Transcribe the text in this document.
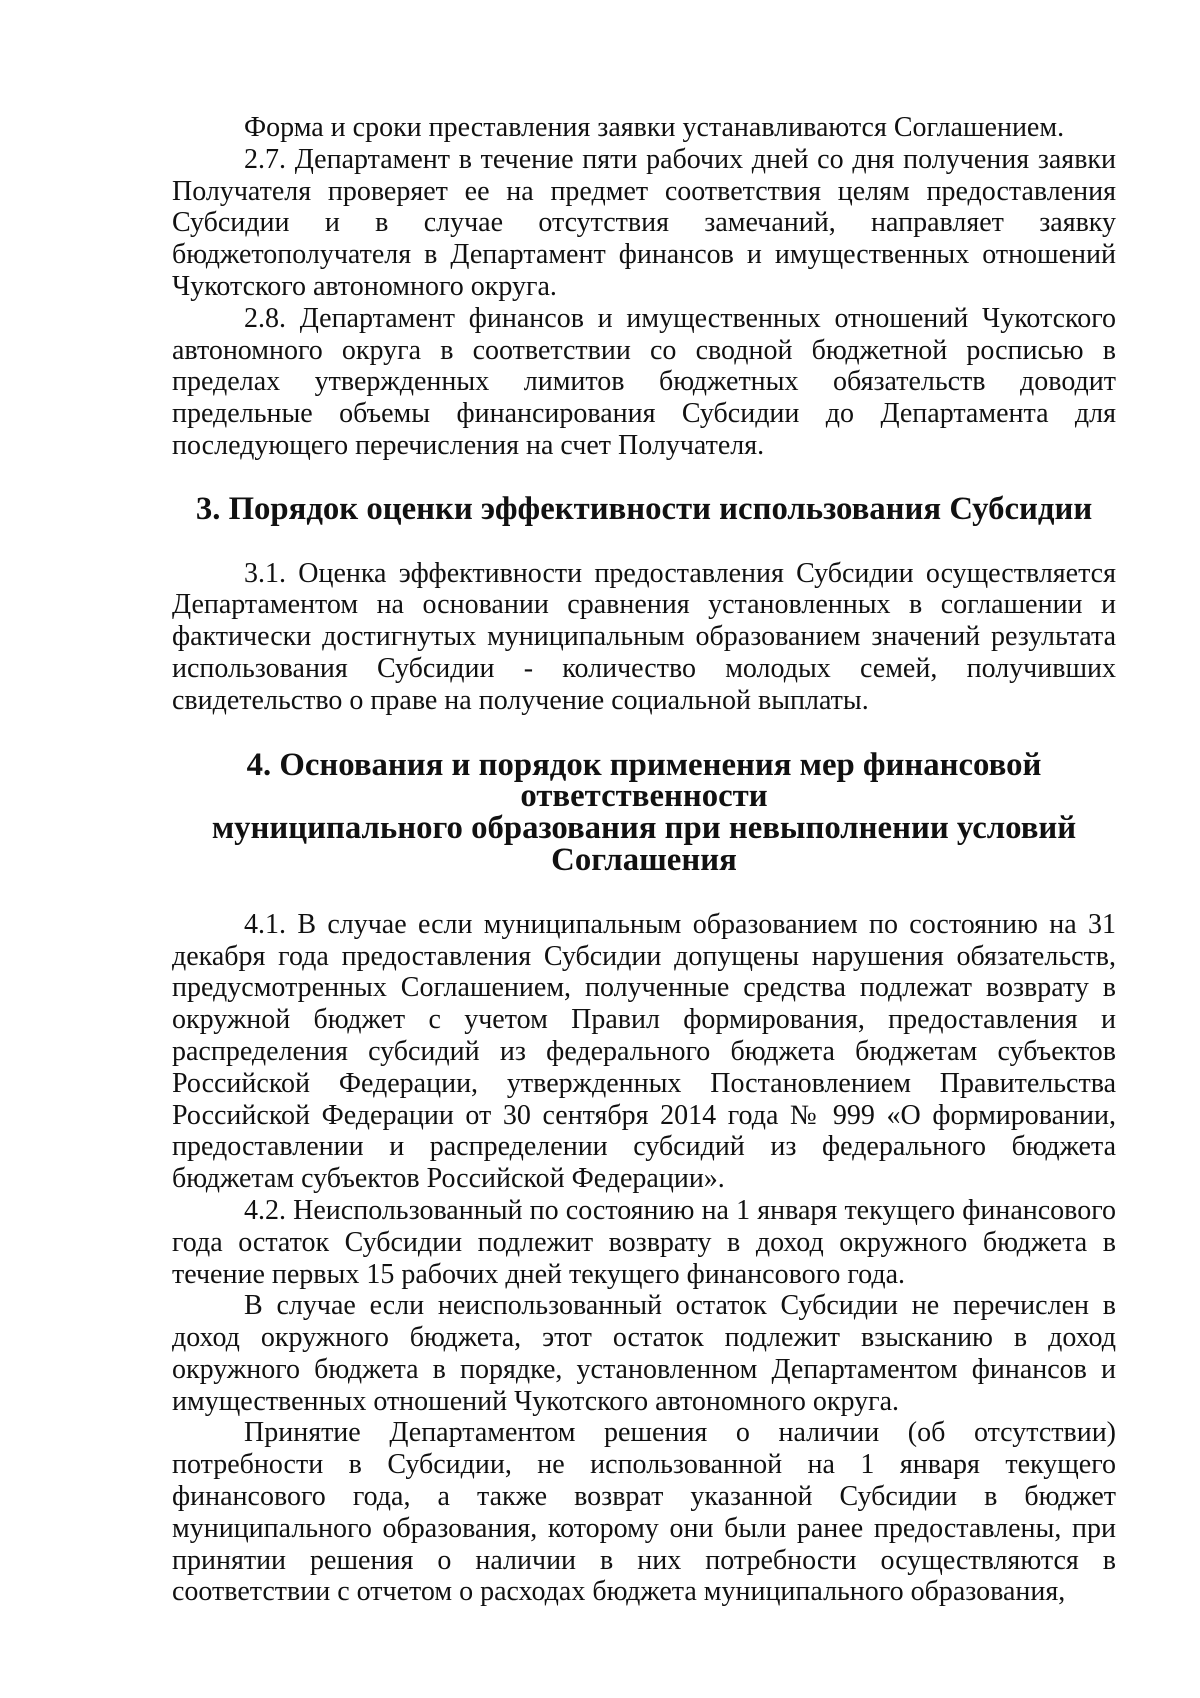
Форма и сроки преставления заявки устанавливаются Соглашением.

2.7. Департамент в течение пяти рабочих дней со дня получения заявки Получателя проверяет ее на предмет соответствия целям предоставления Субсидии и в случае отсутствия замечаний, направляет заявку бюджетополучателя в Департамент финансов и имущественных отношений Чукотского автономного округа.

2.8. Департамент финансов и имущественных отношений Чукотского автономного округа в соответствии со сводной бюджетной росписью в пределах утвержденных лимитов бюджетных обязательств доводит предельные объемы финансирования Субсидии до Департамента для последующего перечисления на счет Получателя.

3. Порядок оценки эффективности использования Субсидии

3.1. Оценка эффективности предоставления Субсидии осуществляется Департаментом на основании сравнения установленных в соглашении и фактически достигнутых муниципальным образованием значений результата использования Субсидии - количество молодых семей, получивших свидетельство о праве на получение социальной выплаты.

4. Основания и порядок применения мер финансовой ответственности
муниципального образования при невыполнении условий Соглашения

4.1. В случае если муниципальным образованием по состоянию на 31 декабря года предоставления Субсидии допущены нарушения обязательств, предусмотренных Соглашением, полученные средства подлежат возврату в окружной бюджет с учетом Правил формирования, предоставления и распределения субсидий из федерального бюджета бюджетам субъектов Российской Федерации, утвержденных Постановлением Правительства Российской Федерации от 30 сентября 2014 года № 999 «О формировании, предоставлении и распределении субсидий из федерального бюджета бюджетам субъектов Российской Федерации».

4.2. Неиспользованный по состоянию на 1 января текущего финансового года остаток Субсидии подлежит возврату в доход окружного бюджета в течение первых 15 рабочих дней текущего финансового года.

В случае если неиспользованный остаток Субсидии не перечислен в доход окружного бюджета, этот остаток подлежит взысканию в доход окружного бюджета в порядке, установленном Департаментом финансов и имущественных отношений Чукотского автономного округа.

Принятие Департаментом решения о наличии (об отсутствии) потребности в Субсидии, не использованной на 1 января текущего финансового года, а также возврат указанной Субсидии в бюджет муниципального образования, которому они были ранее предоставлены, при принятии решения о наличии в них потребности осуществляются в соответствии с отчетом о расходах бюджета муниципального образования,
